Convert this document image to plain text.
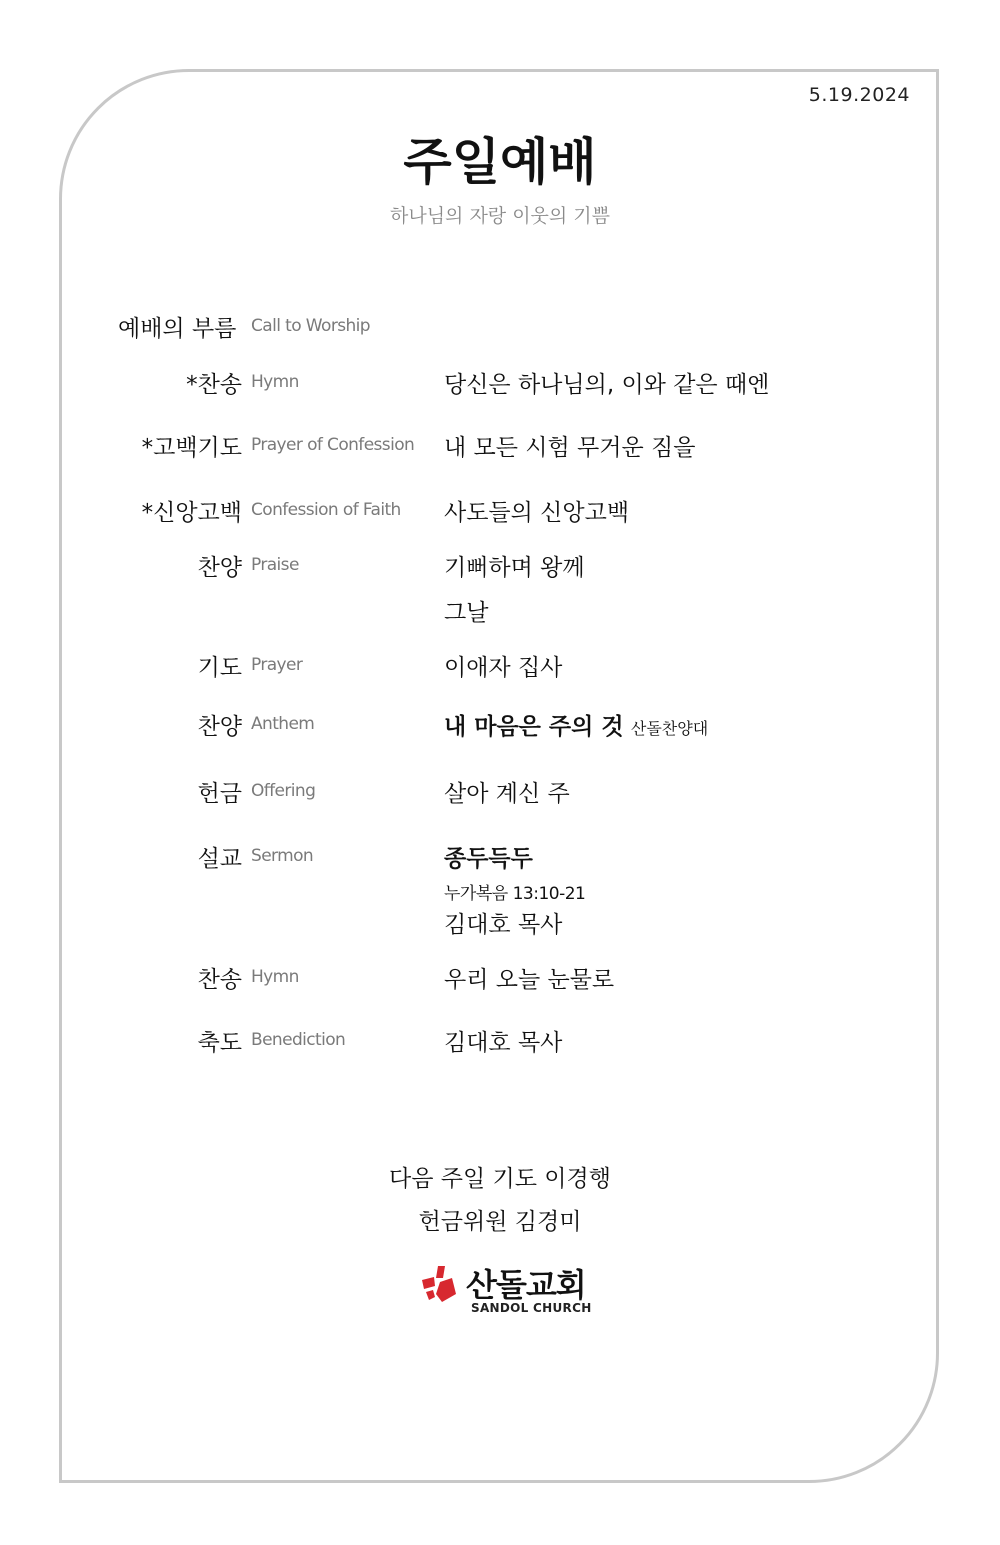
5.19.2024
주일예배
하나님의 자랑 이웃의 기쁨
예배의 부름 Call to Worship
*찬송 Hymn	당신은 하나님의, 이와 같은 때엔
*고백기도 Prayer of Confession 내 모든 시험 무거운 짐을
*신앙고백 Confession of Faith 사도들의 신앙고백
찬양 Praise	기뻐하며 왕께
그날
기도 Prayer	이애자 집사
찬양 Anthem	내 마음은 주의 것 산돌찬양대
헌금 Offering	살아 계신 주
설교 Sermon	종두득두
누가복음 13:10-21
김대호 목사
찬송 Hymn	우리 오늘 눈물로
축도 Benediction	김대호 목사
다음 주일 기도 이경행
헌금위원 김경미
산돌교회
SANDOL CHURCH
